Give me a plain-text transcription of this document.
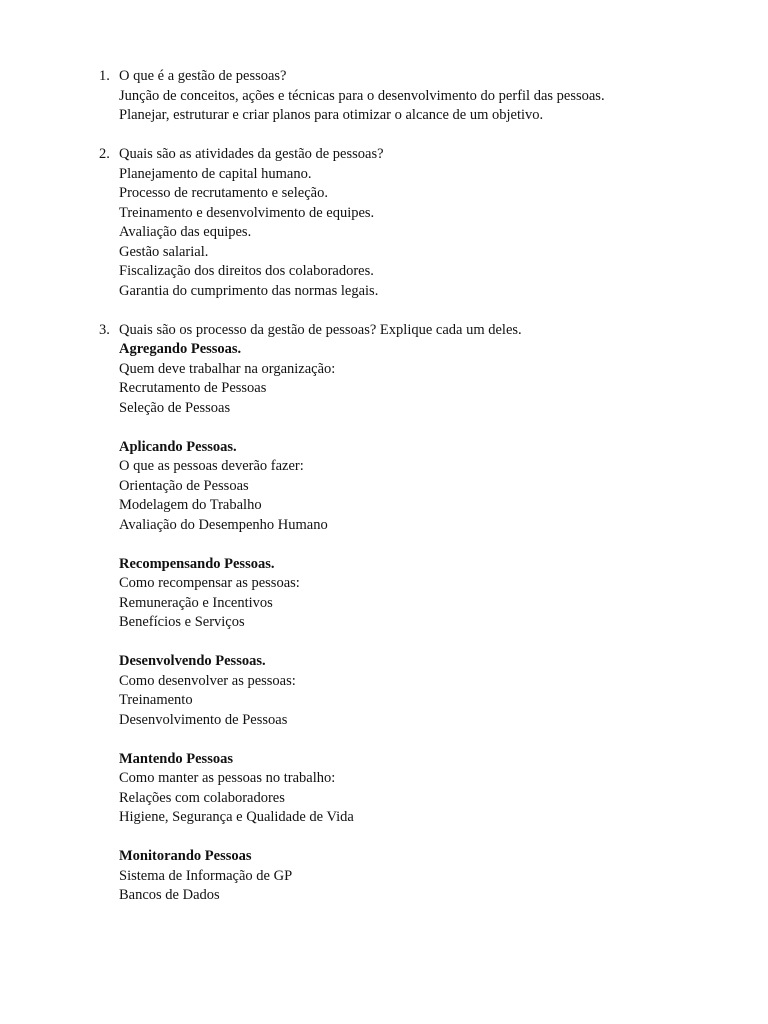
1. O que é a gestão de pessoas?
Junção de conceitos, ações e técnicas para o desenvolvimento do perfil das pessoas.
Planejar, estruturar e criar planos para otimizar o alcance de um objetivo.
2. Quais são as atividades da gestão de pessoas?
Planejamento de capital humano.
Processo de recrutamento e seleção.
Treinamento e desenvolvimento de equipes.
Avaliação das equipes.
Gestão salarial.
Fiscalização dos direitos dos colaboradores.
Garantia do cumprimento das normas legais.
3. Quais são os processo da gestão de pessoas? Explique cada um deles.
Agregando Pessoas.
Quem deve trabalhar na organização:
Recrutamento de Pessoas
Seleção de Pessoas
Aplicando Pessoas.
O que as pessoas deverão fazer:
Orientação de Pessoas
Modelagem do Trabalho
Avaliação do Desempenho Humano
Recompensando Pessoas.
Como recompensar as pessoas:
Remuneração e Incentivos
Benefícios e Serviços
Desenvolvendo Pessoas.
Como desenvolver as pessoas:
Treinamento
Desenvolvimento de Pessoas
Mantendo Pessoas
Como manter as pessoas no trabalho:
Relações com colaboradores
Higiene, Segurança e Qualidade de Vida
Monitorando Pessoas
Sistema de Informação de GP
Bancos de Dados
